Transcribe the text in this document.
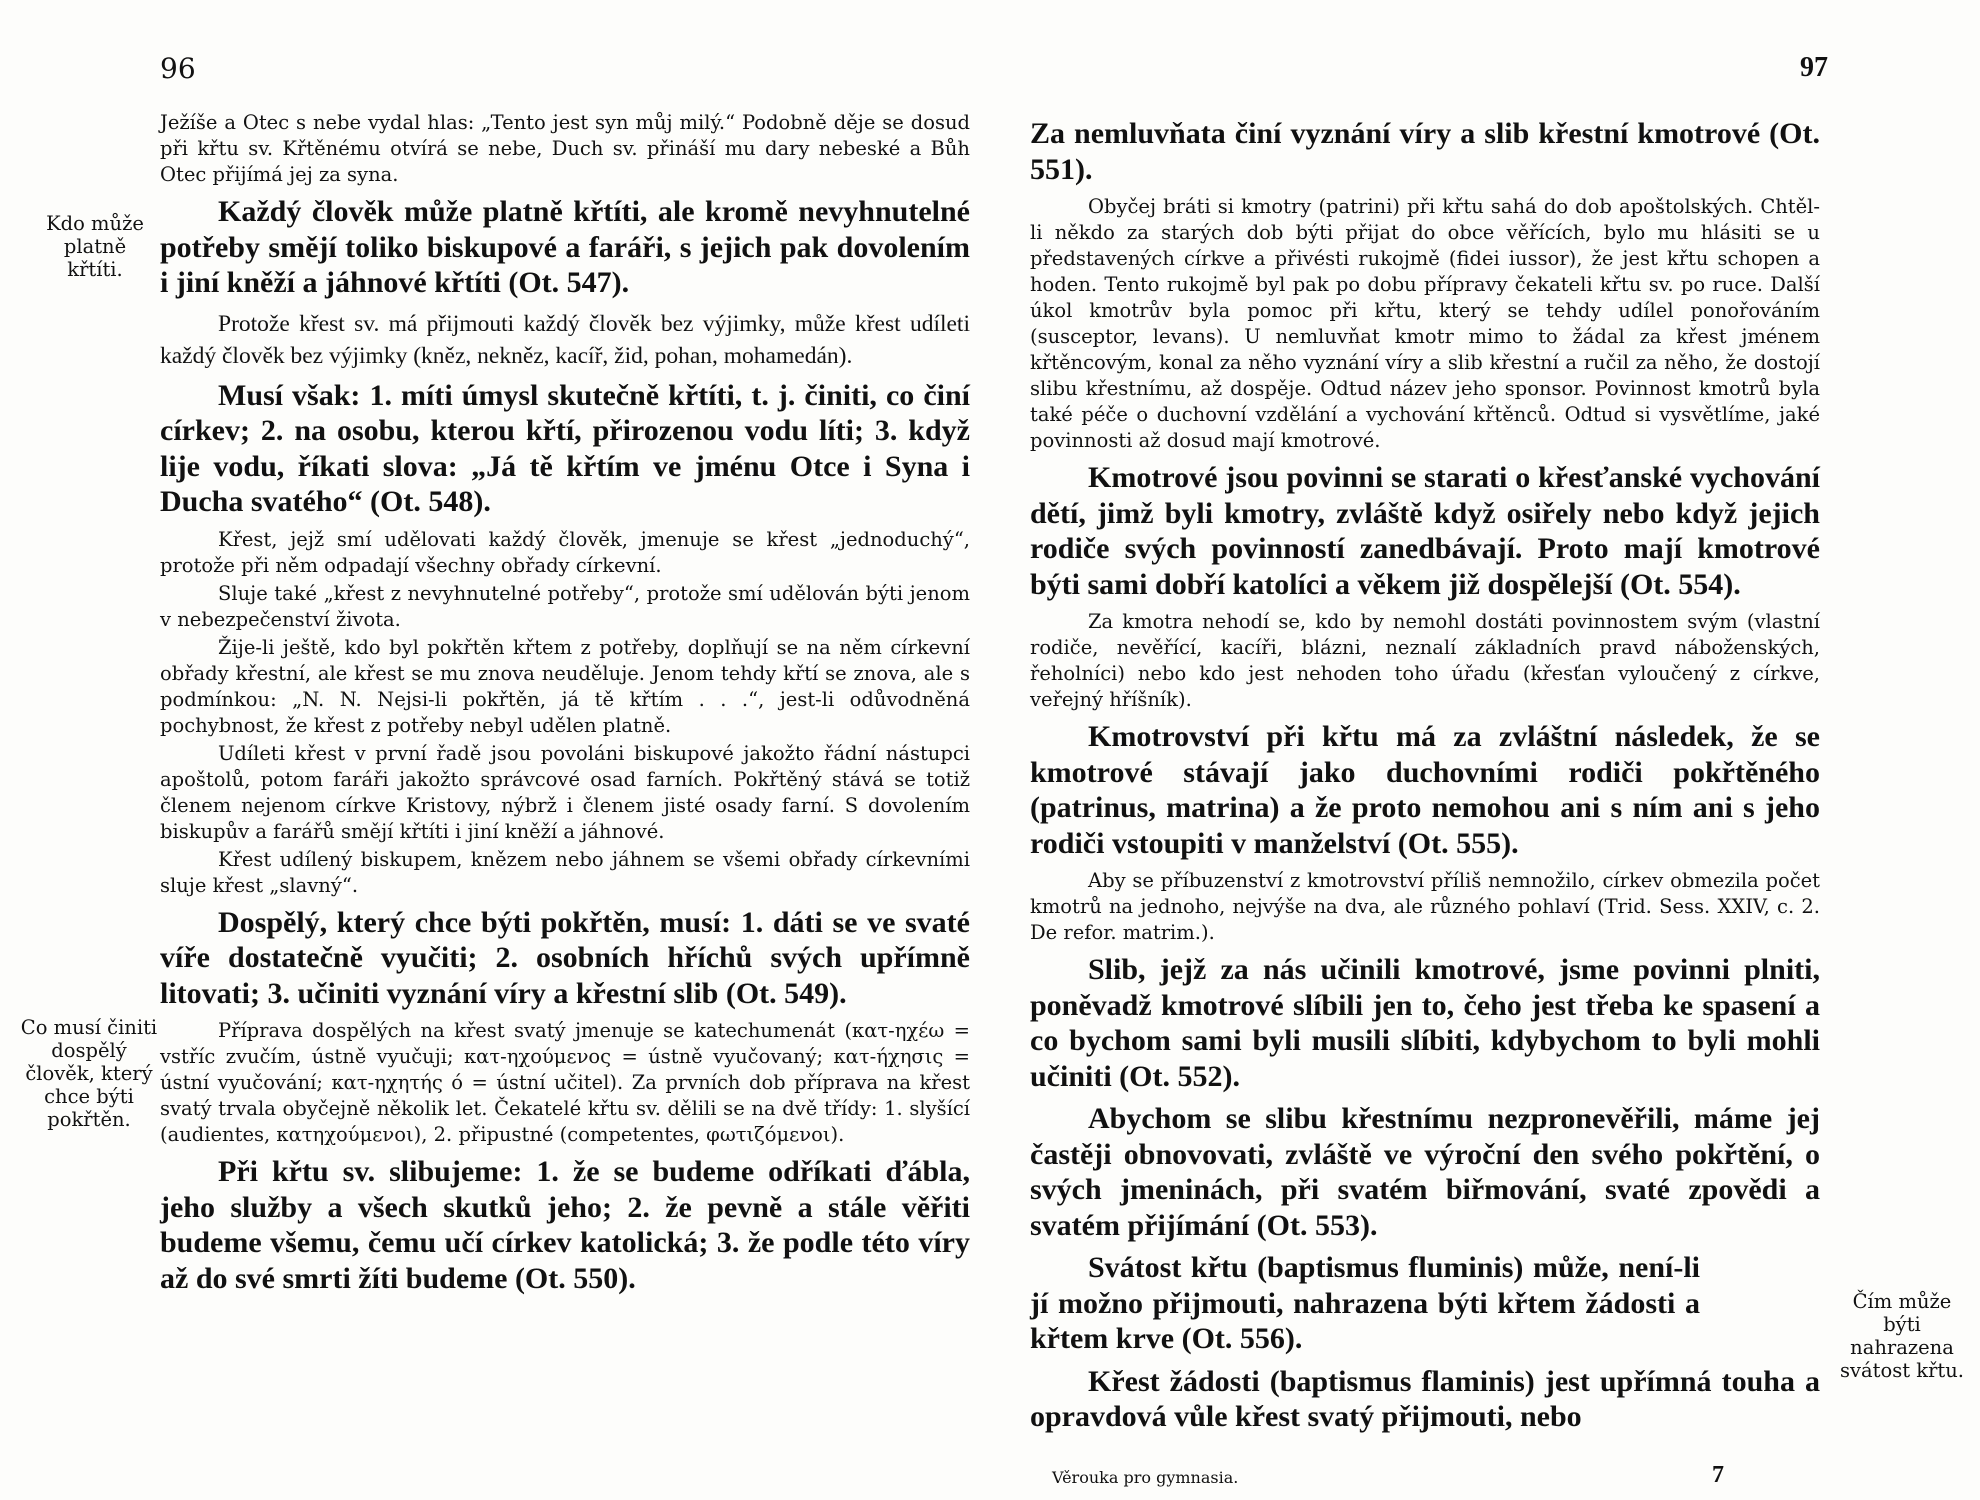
96	97
Kdo může platně křtíti.
Co musí činiti dospělý člověk, který chce býti pokřtěn.
Čím může býti nahrazena svátost křtu.

Ježíše a Otec s nebe vydal hlas: „Tento jest syn můj milý.“ Podobně děje se dosud při křtu sv. Křtěnému otvírá se nebe, Duch sv. přináší mu dary nebeské a Bůh Otec přijímá jej za syna.

Každý člověk může platně křtíti, ale kromě nevyhnutelné potřeby smějí toliko biskupové a faráři, s jejich pak dovolením i jiní kněží a jáhnové křtíti (Ot. 547).

Protože křest sv. má přijmouti každý člověk bez výjimky, může křest udíleti každý člověk bez výjimky (kněz, nekněz, kacíř, žid, pohan, mohamedán).

Musí však: 1. míti úmysl skutečně křtíti, t. j. činiti, co činí církev; 2. na osobu, kterou křtí, přirozenou vodu líti; 3. když lije vodu, říkati slova: „Já tě křtím ve jménu Otce i Syna i Ducha svatého“ (Ot. 548).

Křest, jejž smí udělovati každý člověk, jmenuje se křest „jednoduchý“, protože při něm odpadají všechny obřady církevní.

Sluje také „křest z nevyhnutelné potřeby“, protože smí udělován býti jenom v nebezpečenství života.

Žije-li ještě, kdo byl pokřtěn křtem z potřeby, doplňují se na něm církevní obřady křestní, ale křest se mu znova neuděluje. Jenom tehdy křtí se znova, ale s podmínkou: „N. N. Nejsi-li pokřtěn, já tě křtím . . .“, jest-li odůvodněná pochybnost, že křest z potřeby nebyl udělen platně.

Udíleti křest v první řadě jsou povoláni biskupové jakožto řádní nástupci apoštolů, potom faráři jakožto správcové osad farních. Pokřtěný stává se totiž členem nejenom církve Kristovy, nýbrž i členem jisté osady farní. S dovolením biskupův a farářů smějí křtíti i jiní kněží a jáhnové.

Křest udílený biskupem, knězem nebo jáhnem se všemi obřady církevními sluje křest „slavný“.

Dospělý, který chce býti pokřtěn, musí: 1. dáti se ve svaté víře dostatečně vyučiti; 2. osobních hříchů svých upřímně litovati; 3. učiniti vyznání víry a křestní slib (Ot. 549).

Příprava dospělých na křest svatý jmenuje se katechumenát (κατ-ηχέω = vstříc zvučím, ústně vyučuji; κατ-ηχούμενος = ústně vyučovaný; κατ-ήχησις = ústní vyučování; κατ-ηχητής ό = ústní učitel). Za prvních dob příprava na křest svatý trvala obyčejně několik let. Čekatelé křtu sv. dělili se na dvě třídy: 1. slyšící (audientes, κατηχούμενοι), 2. připustné (competentes, φωτιζόμενοι).

Při křtu sv. slibujeme: 1. že se budeme odříkati ďábla, jeho služby a všech skutků jeho; 2. že pevně a stále věřiti budeme všemu, čemu učí církev katolická; 3. že podle této víry až do své smrti žíti budeme (Ot. 550).

Za nemluvňata činí vyznání víry a slib křestní kmotrové (Ot. 551).

Obyčej bráti si kmotry (patrini) při křtu sahá do dob apoštolských. Chtěl-li někdo za starých dob býti přijat do obce věřících, bylo mu hlásiti se u představených církve a přivésti rukojmě (fidei iussor), že jest křtu schopen a hoden. Tento rukojmě byl pak po dobu přípravy čekateli křtu sv. po ruce. Další úkol kmotrův byla pomoc při křtu, který se tehdy udílel ponořováním (susceptor, levans). U nemluvňat kmotr mimo to žádal za křest jménem křtěncovým, konal za něho vyznání víry a slib křestní a ručil za něho, že dostojí slibu křestnímu, až dospěje. Odtud název jeho sponsor. Povinnost kmotrů byla také péče o duchovní vzdělání a vychování křtěnců. Odtud si vysvětlíme, jaké povinnosti až dosud mají kmotrové.

Kmotrové jsou povinni se starati o křesťanské vychování dětí, jimž byli kmotry, zvláště když osiřely nebo když jejich rodiče svých povinností zanedbávají. Proto mají kmotrové býti sami dobří katolíci a věkem již dospělejší (Ot. 554).

Za kmotra nehodí se, kdo by nemohl dostáti povinnostem svým (vlastní rodiče, nevěřící, kacíři, blázni, neznalí základních pravd náboženských, řeholníci) nebo kdo jest nehoden toho úřadu (křesťan vyloučený z církve, veřejný hříšník).

Kmotrovství při křtu má za zvláštní následek, že se kmotrové stávají jako duchovními rodiči pokřtěného (patrinus, matrina) a že proto nemohou ani s ním ani s jeho rodiči vstoupiti v manželství (Ot. 555).

Aby se příbuzenství z kmotrovství příliš nemnožilo, církev obmezila počet kmotrů na jednoho, nejvýše na dva, ale různého pohlaví (Trid. Sess. XXIV, c. 2. De refor. matrim.).

Slib, jejž za nás učinili kmotrové, jsme povinni plniti, poněvadž kmotrové slíbili jen to, čeho jest třeba ke spasení a co bychom sami byli musili slíbiti, kdybychom to byli mohli učiniti (Ot. 552).

Abychom se slibu křestnímu nezpronevěřili, máme jej častěji obnovovati, zvláště ve výroční den svého pokřtění, o svých jmeninách, při svatém biřmování, svaté zpovědi a svatém přijímání (Ot. 553).

Svátost křtu (baptismus fluminis) může, není-li jí možno přijmouti, nahrazena býti křtem žádosti a křtem krve (Ot. 556).

Křest žádosti (baptismus flaminis) jest upřímná touha a opravdová vůle křest svatý přijmouti, nebo

Věrouka pro gymnasia.	7
